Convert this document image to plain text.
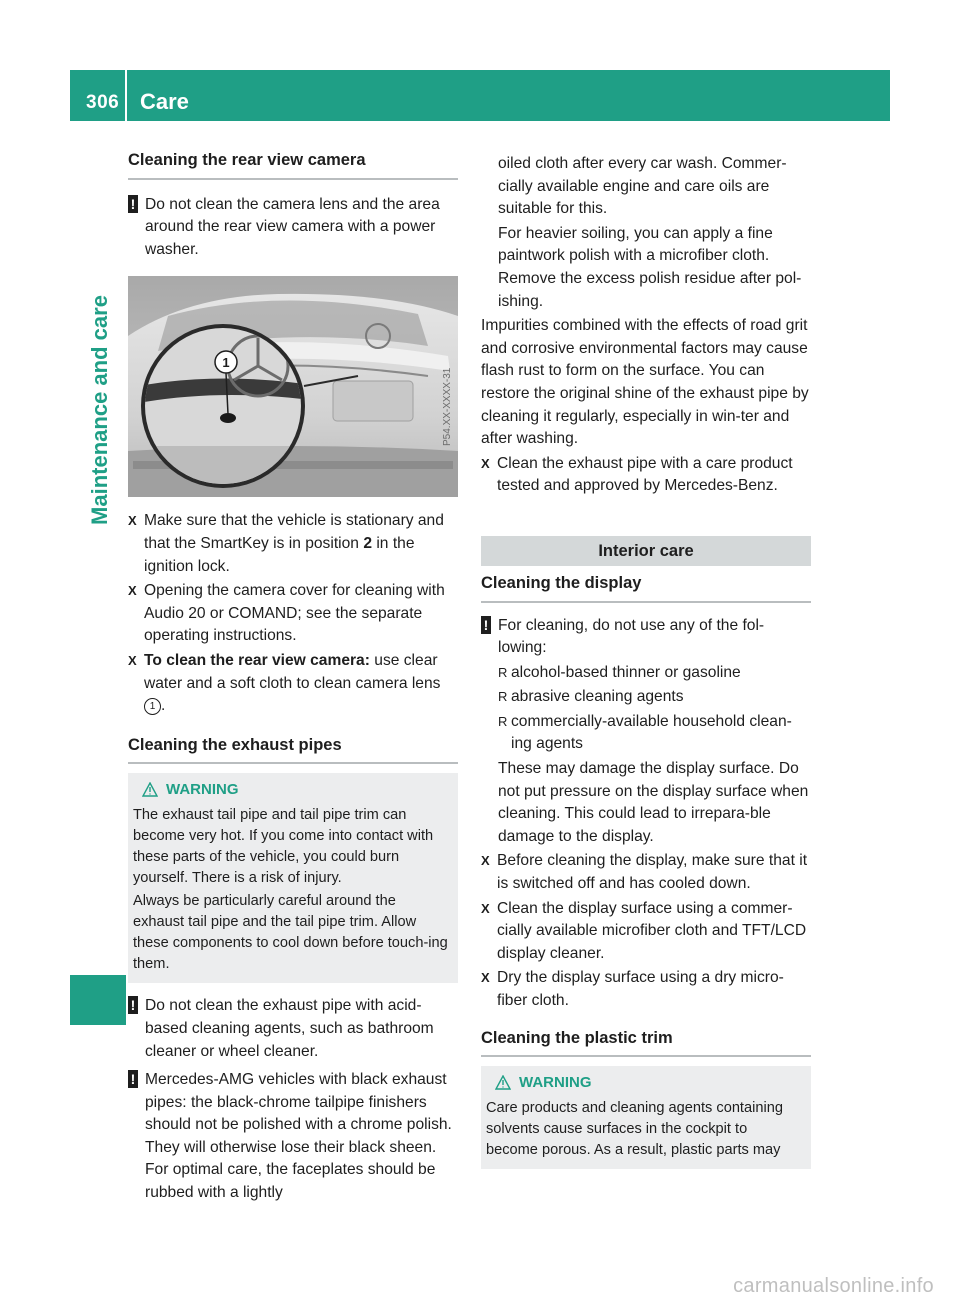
306 Care
Maintenance and care
Cleaning the rear view camera
! Do not clean the camera lens and the area around the rear view camera with a power washer.
1
P54.XX-XXXX-31
X Make sure that the vehicle is stationary and that the SmartKey is in position 2 in the ignition lock.
X Opening the camera cover for cleaning with Audio 20 or COMAND; see the separate operating instructions.
X To clean the rear view camera: use clear water and a soft cloth to clean camera lens 1 .
Cleaning the exhaust pipes
WARNING

The exhaust tail pipe and tail pipe trim can become very hot. If you come into contact with these parts of the vehicle, you could burn yourself. There is a risk of injury.

Always be particularly careful around the exhaust tail pipe and the tail pipe trim. Allow these components to cool down before touch-ing them.

! Do not clean the exhaust pipe with acid-based cleaning agents, such as bathroom cleaner or wheel cleaner.
! Mercedes-AMG vehicles with black exhaust pipes: the black-chrome tailpipe finishers should not be polished with a chrome polish. They will otherwise lose their black sheen. For optimal care, the faceplates should be rubbed with a lightly

oiled cloth after every car wash. Commer-cially available engine and care oils are suitable for this.

For heavier soiling, you can apply a fine paintwork polish with a microfiber cloth. Remove the excess polish residue after pol-ishing.

Impurities combined with the effects of road grit and corrosive environmental factors may cause flash rust to form on the surface. You can restore the original shine of the exhaust pipe by cleaning it regularly, especially in win-ter and after washing.

X Clean the exhaust pipe with a care product tested and approved by Mercedes-Benz.
Interior care
Cleaning the display
! For cleaning, do not use any of the fol-lowing:
R alcohol-based thinner or gasoline
R abrasive cleaning agents
R commercially-available household clean-ing agents

These may damage the display surface. Do not put pressure on the display surface when cleaning. This could lead to irrepara-ble damage to the display.

X Before cleaning the display, make sure that it is switched off and has cooled down.
X Clean the display surface using a commer-cially available microfiber cloth and TFT/LCD display cleaner.
X Dry the display surface using a dry micro-fiber cloth.
Cleaning the plastic trim
WARNING

Care products and cleaning agents containing solvents cause surfaces in the cockpit to become porous. As a result, plastic parts may

carmanualsonline.info
